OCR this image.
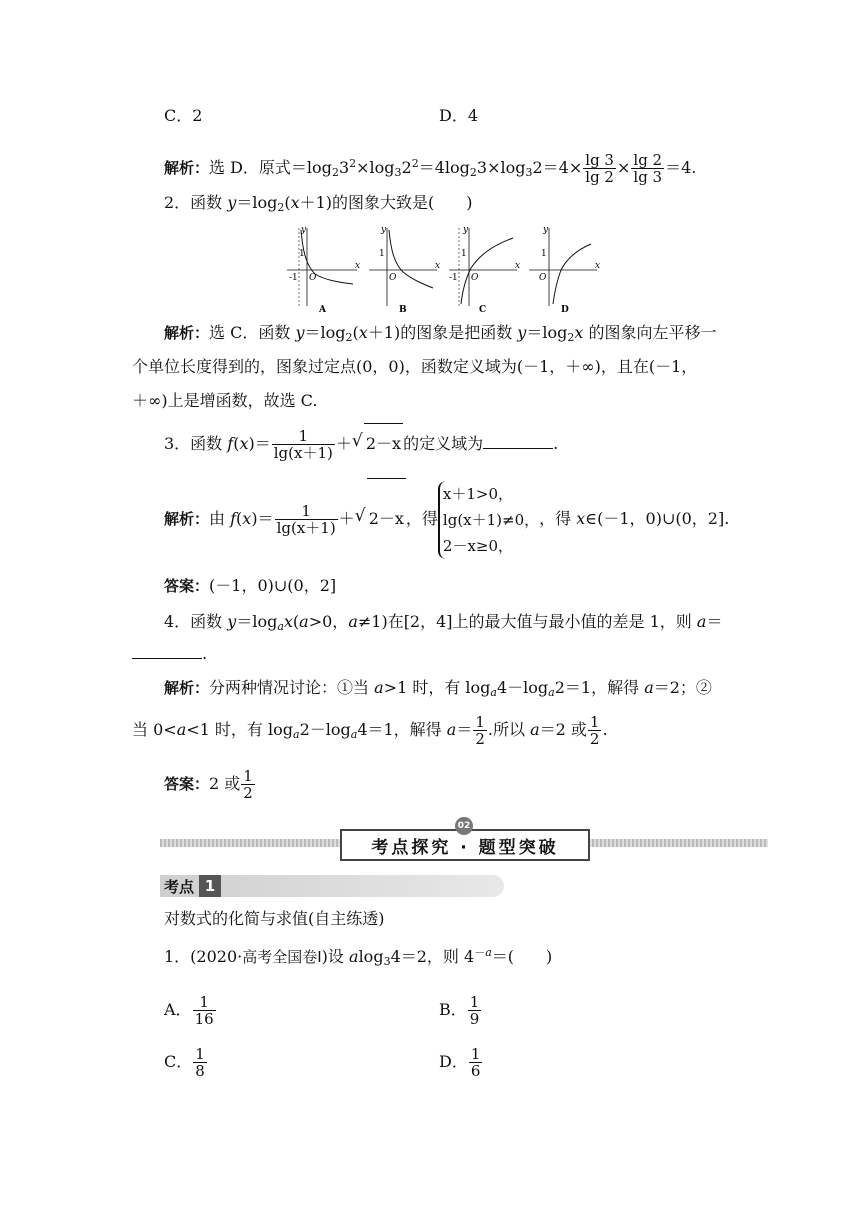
C．2	D．4
解析：选 D．原式$=\log_23^2\times\log_32^2=4\log_23\times\log_32=4\times \frac{\lg 3}{\lg 2} \times \frac{\lg 2}{\lg 3} =4$.
2．函数 $y=\log_2(x+1)$的图象大致是(　　)
y
x
1
-1 O
A
y
x
1
O
B
y
x
1
-1 O
C
y
x
1
O
D
解析：选 C．函数 $y=\log_2(x+1)$的图象是把函数 $y=\log_2x$ 的图象向左平移一
个单位长度得到的，图象过定点(0，0)，函数定义域为(－1，＋∞)，且在(－1，
＋∞)上是增函数，故选 C.
3．函数 $f(x)= \frac{1}{\lg(x+1)}$ ＋ √ 2－x 的定义域为	.
解析：由 $f(x)= \frac{1}{\lg(x+1)}$ ＋ √ 2－x ，得
x＋1>0，
lg(x＋1)≠0，
2－x≥0，
，得 x∈(－1，0)∪(0，2].
答案：(－1，0)∪(0，2]
4．函数 $y=\log_ax(a>0$，a≠1)在[2，4]上的最大值与最小值的差是 1，则 a＝
.
解析：分两种情况讨论：①当 a>1 时，有 $\log_a4-\log_a2=1$，解得 a＝2；②
当 0<a<1 时，有 $\log_a2-\log_a4=1$，解得 $a= \frac{1}{2}$ .所以 a＝2 或 $\frac{1}{2}$ .
答案：2 或 $\frac{1}{2}$
考点探究 · 题型突破
02
考点 1
对数式的化简与求值(自主练透)
1．(2020·高考全国卷Ⅰ)设 alog$_3$4＝2，则 $4^{-a}=$(　　)
A． $\frac{1}{16}$	B． $\frac{1}{9}$
C． $\frac{1}{8}$	D． $\frac{1}{6}$
